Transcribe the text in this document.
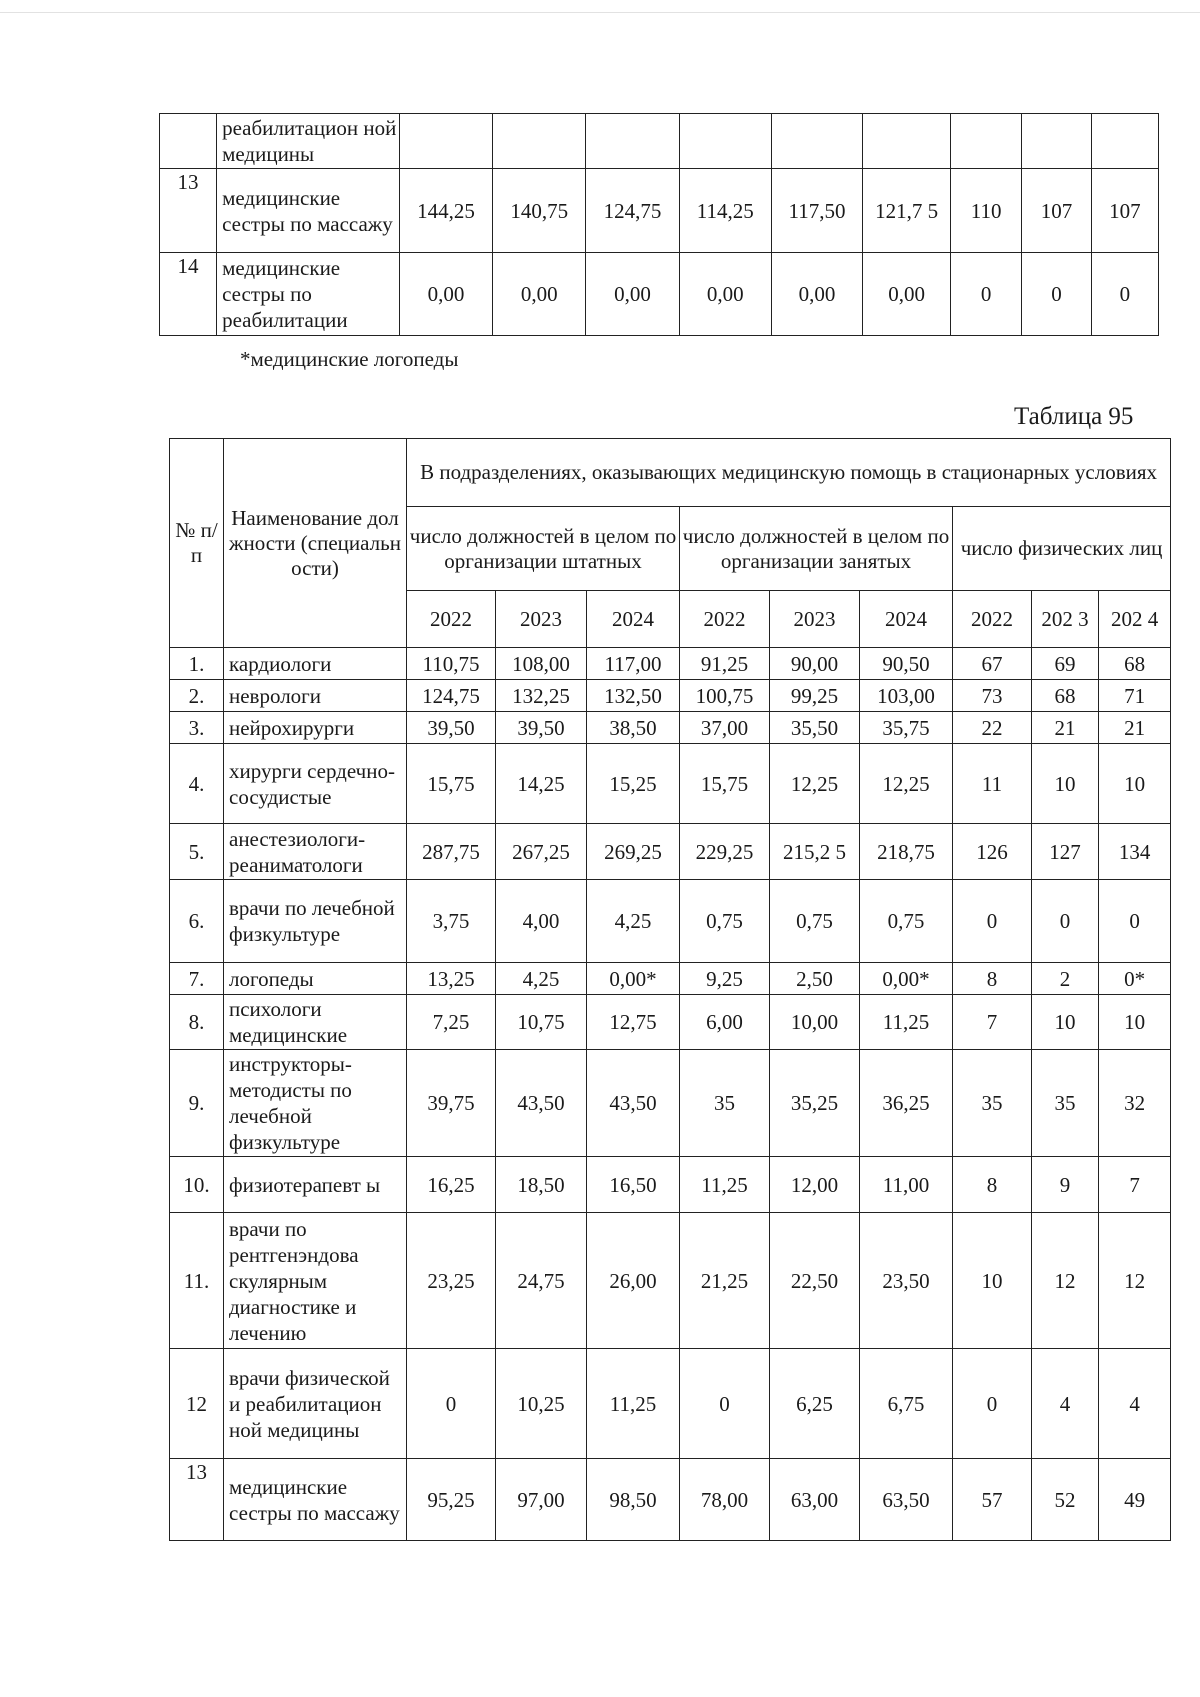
	реабилитацион ной медицины									
13	медицинские сестры по массажу	144,25	140,75	124,75	114,25	117,50	121,7 5	110	107	107
14	медицинские сестры по реабилитации	0,00	0,00	0,00	0,00	0,00	0,00	0	0	0
*медицинские логопеды
Таблица 95
№ п/п	Наименование должности (специальности)	В подразделениях, оказывающих медицинскую помощь в стационарных условиях								
		число должностей в целом по организации штатных			число должностей в целом по организации занятых			число физических лиц		
		2022	2023	2024	2022	2023	2024	2022	202 3	202 4
1.	кардиологи	110,75	108,00	117,00	91,25	90,00	90,50	67	69	68
2.	неврологи	124,75	132,25	132,50	100,75	99,25	103,00	73	68	71
3.	нейрохирурги	39,50	39,50	38,50	37,00	35,50	35,75	22	21	21
4.	хирурги сердечно-сосудистые	15,75	14,25	15,25	15,75	12,25	12,25	11	10	10
5.	анестезиологи-реаниматологи	287,75	267,25	269,25	229,25	215,2 5	218,75	126	127	134
6.	врачи по лечебной физкультуре	3,75	4,00	4,25	0,75	0,75	0,75	0	0	0
7.	логопеды	13,25	4,25	0,00*	9,25	2,50	0,00*	8	2	0*
8.	психологи медицинские	7,25	10,75	12,75	6,00	10,00	11,25	7	10	10
9.	инструкторы-методисты по лечебной физкультуре	39,75	43,50	43,50	35	35,25	36,25	35	35	32
10.	физиотерапевт ы	16,25	18,50	16,50	11,25	12,00	11,00	8	9	7
11.	врачи по рентгенэндова скулярным диагностике и лечению	23,25	24,75	26,00	21,25	22,50	23,50	10	12	12
12	врачи физической и реабилитацион ной медицины	0	10,25	11,25	0	6,25	6,75	0	4	4
13	медицинские сестры по массажу	95,25	97,00	98,50	78,00	63,00	63,50	57	52	49
